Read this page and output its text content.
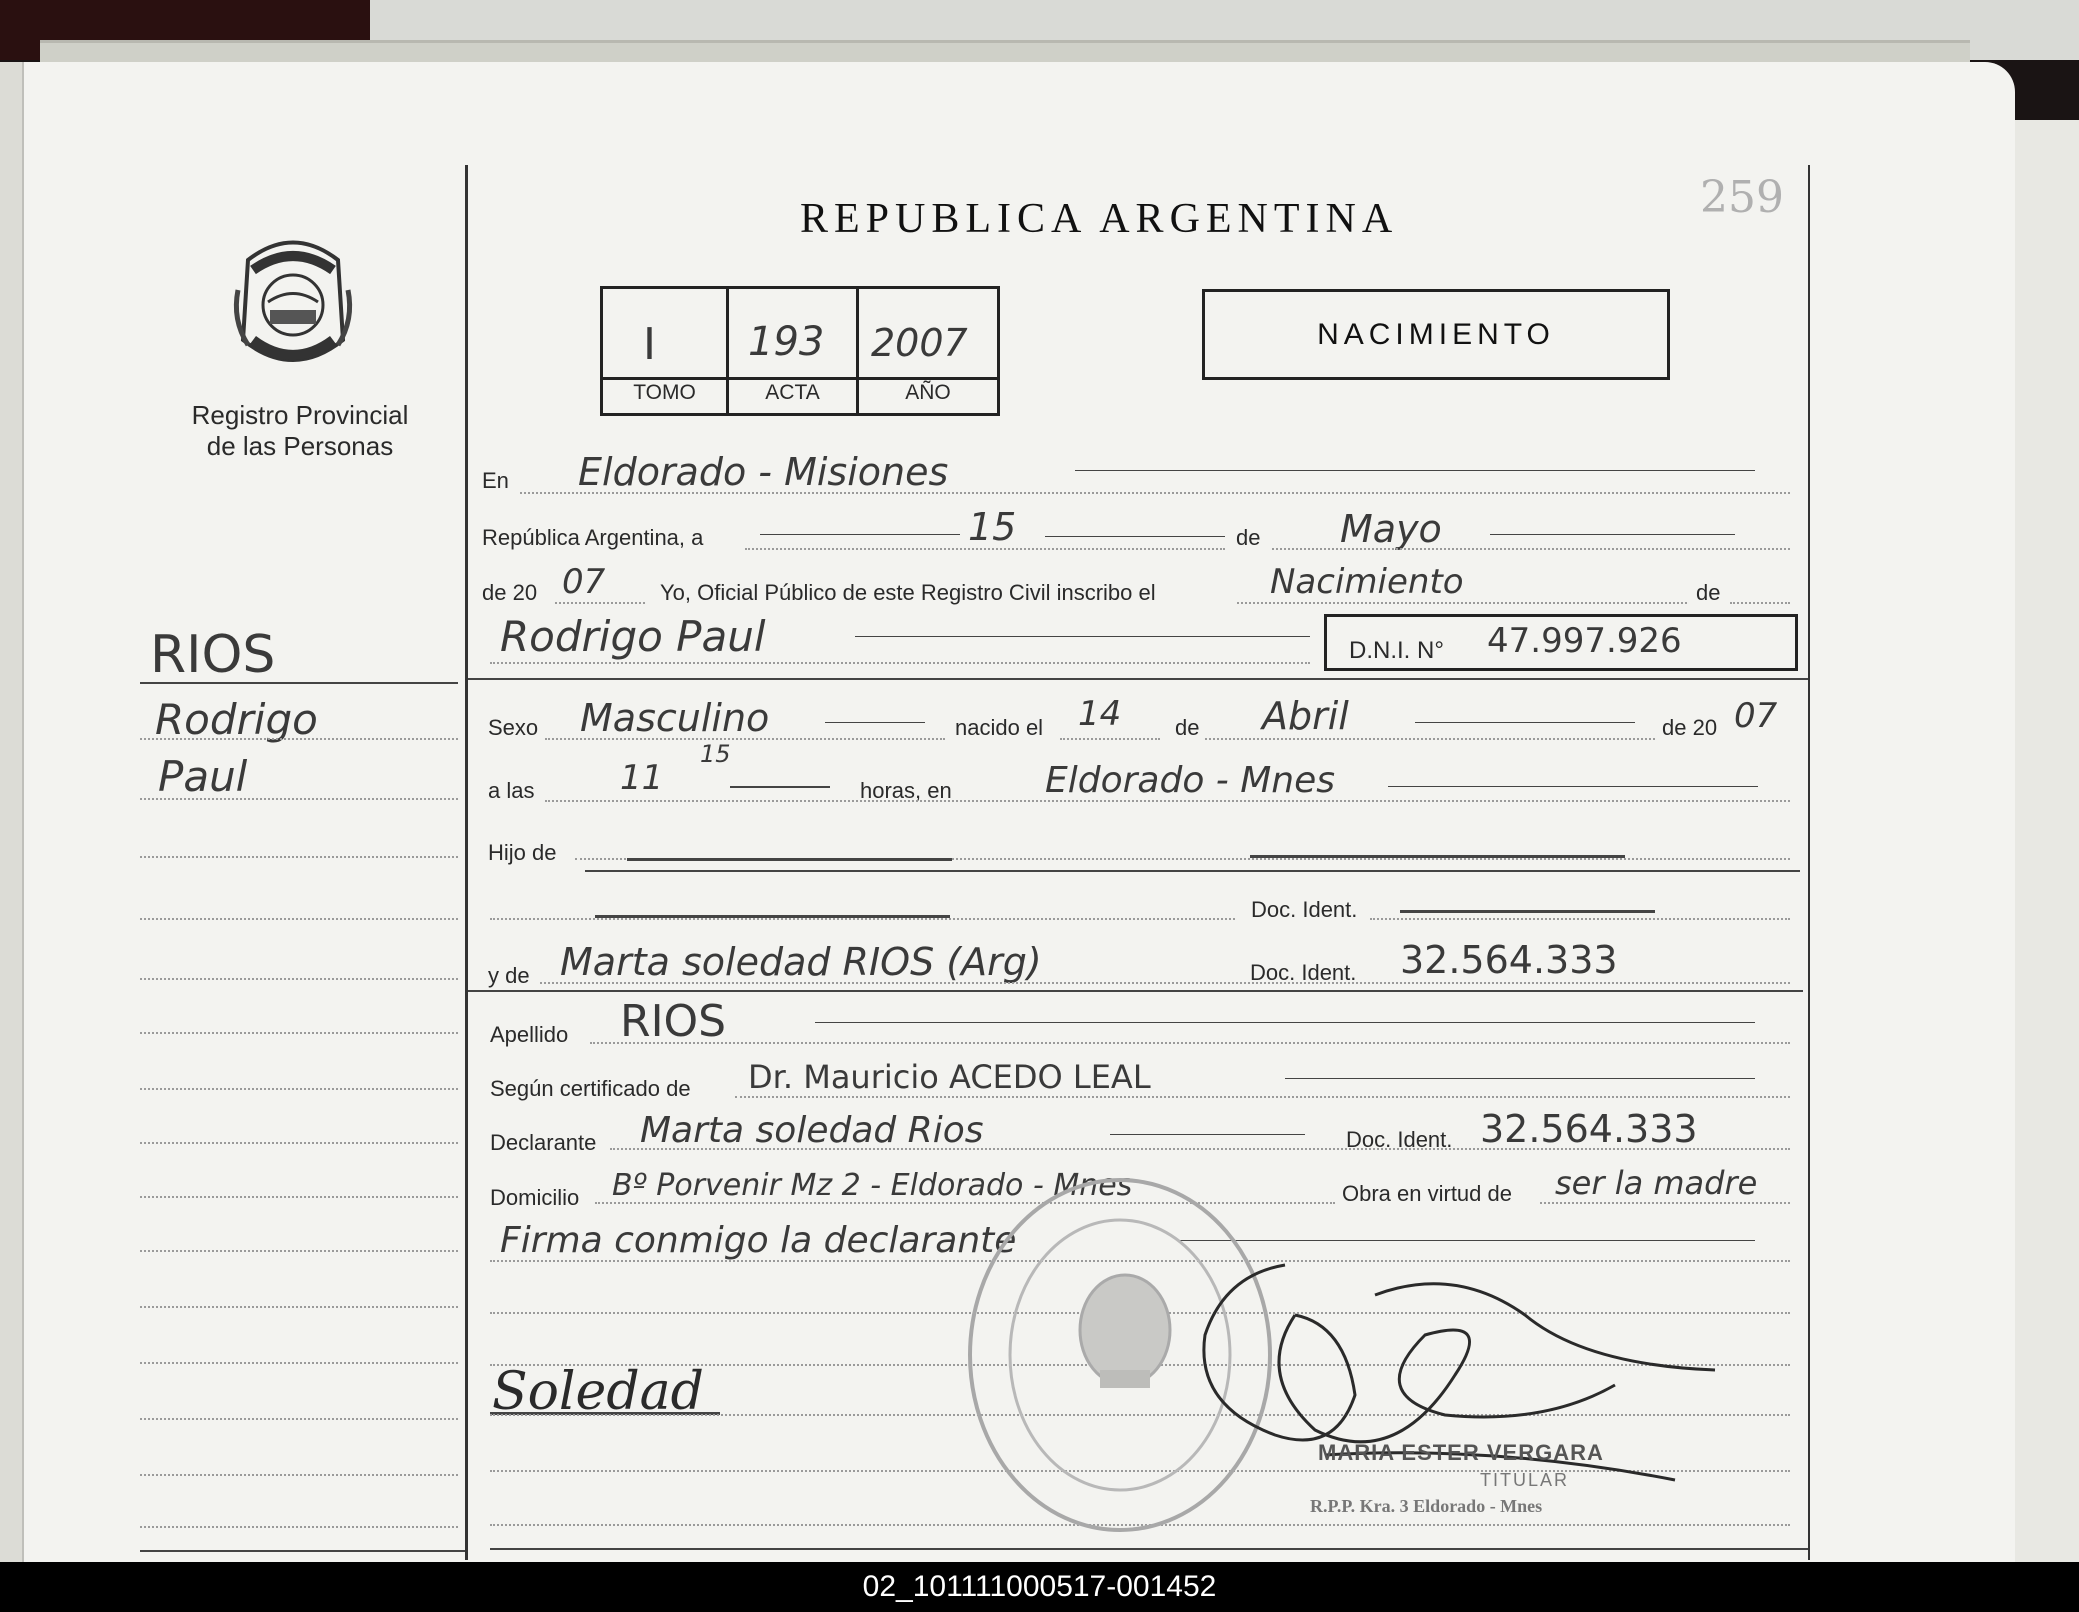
259
Registro Provincial
de las Personas
REPUBLICA ARGENTINA
I 193 2007
TOMO	ACTA	AÑO
NACIMIENTO
RIOS
Rodrigo
Paul
Soledad
En Eldorado - Misiones
República Argentina, a	15	de Mayo
de 20 07 Yo, Oficial Público de este Registro Civil inscribo el	Nacimiento	de
Rodrigo Paul	D.N.I. N° 47.997.926
Sexo Masculino	nacido el 14 de Abril	de 20 07
a las	11
15
horas, en	Eldorado - Mnes
Hijo de
Doc. Ident.
y de Marta soledad RIOS (Arg)	Doc. Ident. 32.564.333
Apellido RIOS
Según certificado de Dr. Mauricio ACEDO LEAL
Declarante Marta soledad Rios	Doc. Ident. 32.564.333
Domicilio Bº Porvenir Mz 2 - Eldorado - Mnes	Obra en virtud de ser la madre
Firma conmigo la declarante
MARIA ESTER VERGARA
TITULAR
R.P.P. Kra. 3 Eldorado - Mnes
02_101111000517-001452
